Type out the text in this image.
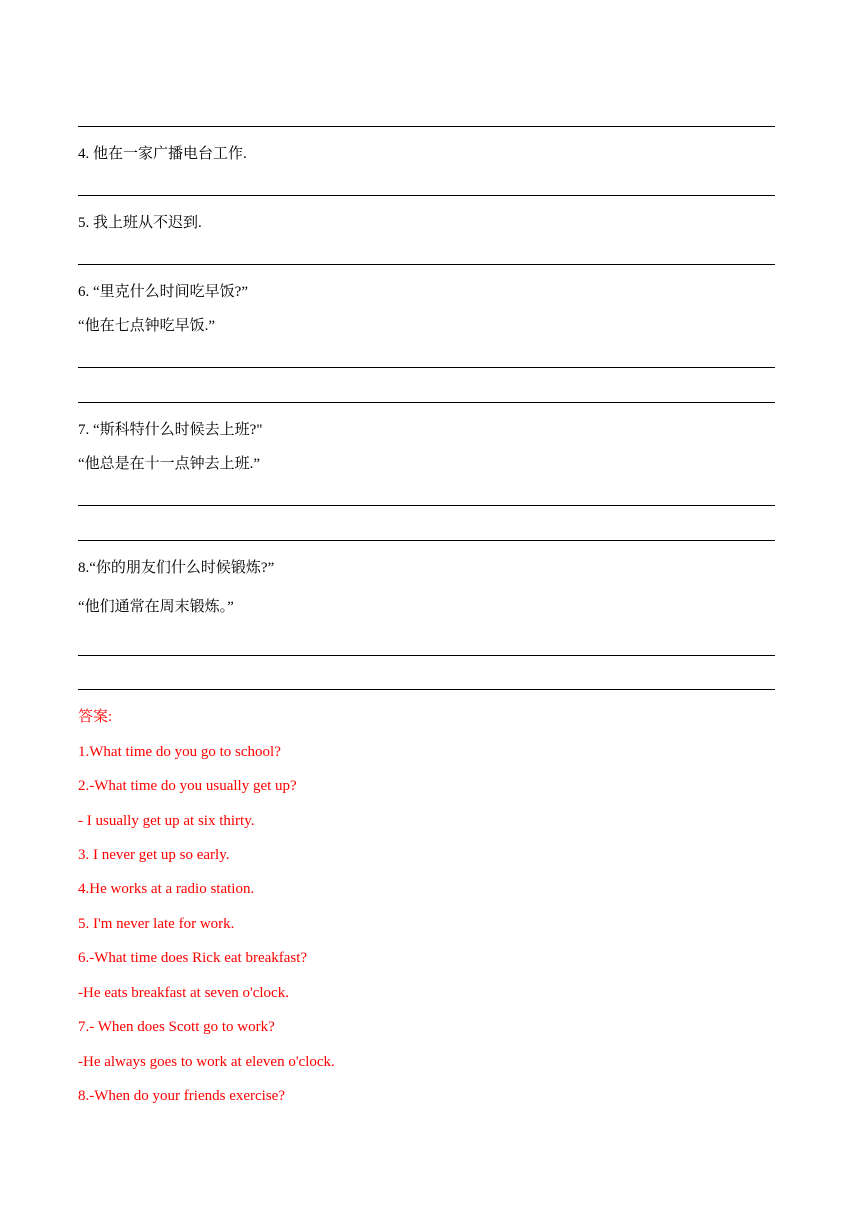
4. 他在一家广播电台工作.
5. 我上班从不迟到.
6. “里克什么时间吃早饭?”
“他在七点钟吃早饭.”
7. “斯科特什么时候去上班?"
“他总是在十一点钟去上班.”
8.“你的朋友们什么时候锻炼?”
“他们通常在周末锻炼。”
答案:
1.What time do you go to school?
2.-What time do you usually get up?
- I usually get up at six thirty.
3. I never get up so early.
4.He works at a radio station.
5. I'm never late for work.
6.-What time does Rick eat breakfast?
-He eats breakfast at seven o'clock.
7.- When does Scott go to work?
-He always goes to work at eleven o'clock.
8.-When do your friends exercise?
